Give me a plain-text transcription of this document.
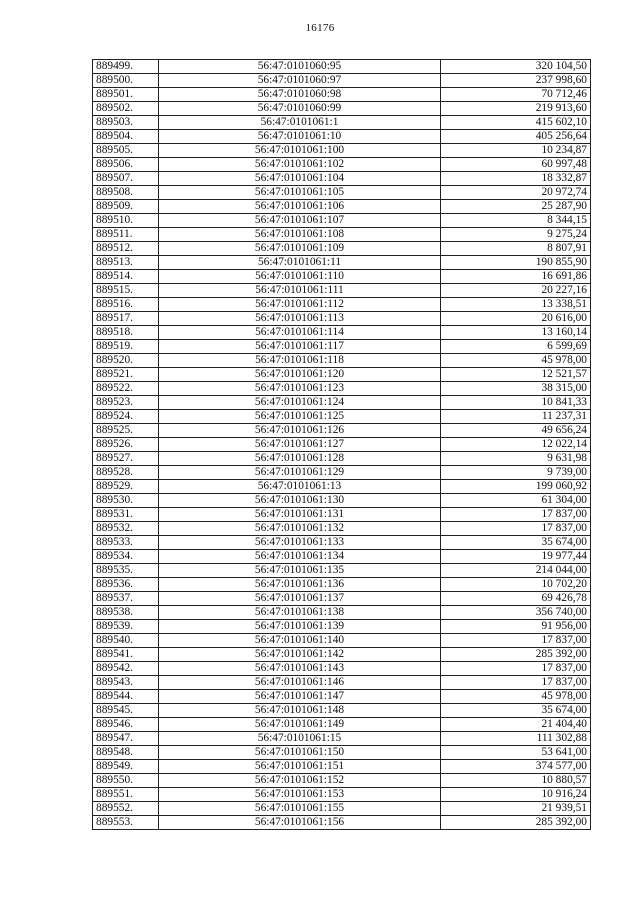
16176
889499.	56:47:0101060:95	320 104,50
889500.	56:47:0101060:97	237 998,60
889501.	56:47:0101060:98	70 712,46
889502.	56:47:0101060:99	219 913,60
889503.	56:47:0101061:1	415 602,10
889504.	56:47:0101061:10	405 256,64
889505.	56:47:0101061:100	10 234,87
889506.	56:47:0101061:102	60 997,48
889507.	56:47:0101061:104	18 332,87
889508.	56:47:0101061:105	20 972,74
889509.	56:47:0101061:106	25 287,90
889510.	56:47:0101061:107	8 344,15
889511.	56:47:0101061:108	9 275,24
889512.	56:47:0101061:109	8 807,91
889513.	56:47:0101061:11	190 855,90
889514.	56:47:0101061:110	16 691,86
889515.	56:47:0101061:111	20 227,16
889516.	56:47:0101061:112	13 338,51
889517.	56:47:0101061:113	20 616,00
889518.	56:47:0101061:114	13 160,14
889519.	56:47:0101061:117	6 599,69
889520.	56:47:0101061:118	45 978,00
889521.	56:47:0101061:120	12 521,57
889522.	56:47:0101061:123	38 315,00
889523.	56:47:0101061:124	10 841,33
889524.	56:47:0101061:125	11 237,31
889525.	56:47:0101061:126	49 656,24
889526.	56:47:0101061:127	12 022,14
889527.	56:47:0101061:128	9 631,98
889528.	56:47:0101061:129	9 739,00
889529.	56:47:0101061:13	199 060,92
889530.	56:47:0101061:130	61 304,00
889531.	56:47:0101061:131	17 837,00
889532.	56:47:0101061:132	17 837,00
889533.	56:47:0101061:133	35 674,00
889534.	56:47:0101061:134	19 977,44
889535.	56:47:0101061:135	214 044,00
889536.	56:47:0101061:136	10 702,20
889537.	56:47:0101061:137	69 426,78
889538.	56:47:0101061:138	356 740,00
889539.	56:47:0101061:139	91 956,00
889540.	56:47:0101061:140	17 837,00
889541.	56:47:0101061:142	285 392,00
889542.	56:47:0101061:143	17 837,00
889543.	56:47:0101061:146	17 837,00
889544.	56:47:0101061:147	45 978,00
889545.	56:47:0101061:148	35 674,00
889546.	56:47:0101061:149	21 404,40
889547.	56:47:0101061:15	111 302,88
889548.	56:47:0101061:150	53 641,00
889549.	56:47:0101061:151	374 577,00
889550.	56:47:0101061:152	10 880,57
889551.	56:47:0101061:153	10 916,24
889552.	56:47:0101061:155	21 939,51
889553.	56:47:0101061:156	285 392,00
